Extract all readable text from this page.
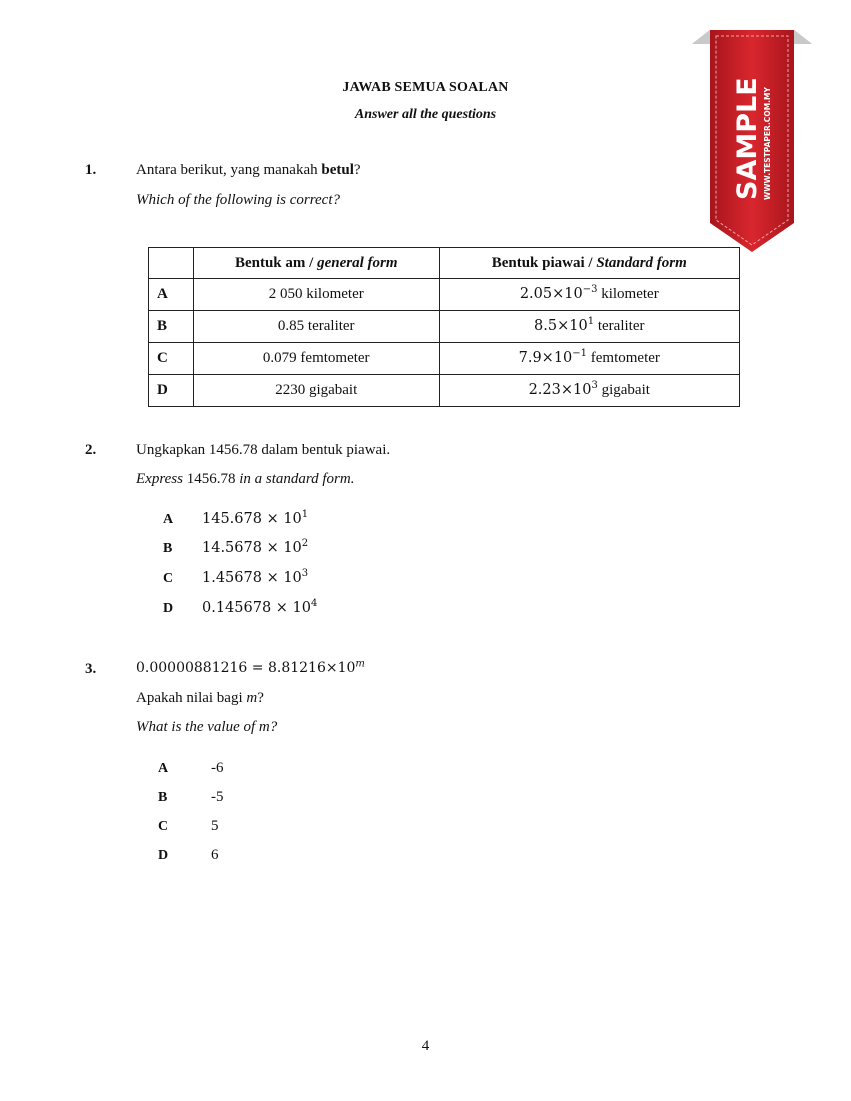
JAWAB SEMUA SOALAN
Answer all the questions	SAMPLE WWW.TESTPAPER.COM.MY
1.	Antara berikut, yang manakah betul?
Which of the following is correct?
	Bentuk am / general form	Bentuk piawai / Standard form
A	2 050 kilometer	$2.05\times 10^{-3}$ kilometer
B	0.85 teraliter	$8.5\times 10^1$ teraliter
C	0.079 femtometer	$7.9\times 10^{-1}$ femtometer
D	2230 gigabait	$2.23\times 10^3$ gigabait
2.	Ungkapkan 1456.78 dalam bentuk piawai.
Express 1456.78 in a standard form.
A $145.678 \times 10^1$
B $14.5678 \times 10^2$
C $1.45678 \times 10^3$
D $0.145678 \times 10^4$
3.	$0.00000881216 = 8.81216\times 10^m$
Apakah nilai bagi m?
What is the value of m?
A	-6
B	-5
C	5
D	6
4
